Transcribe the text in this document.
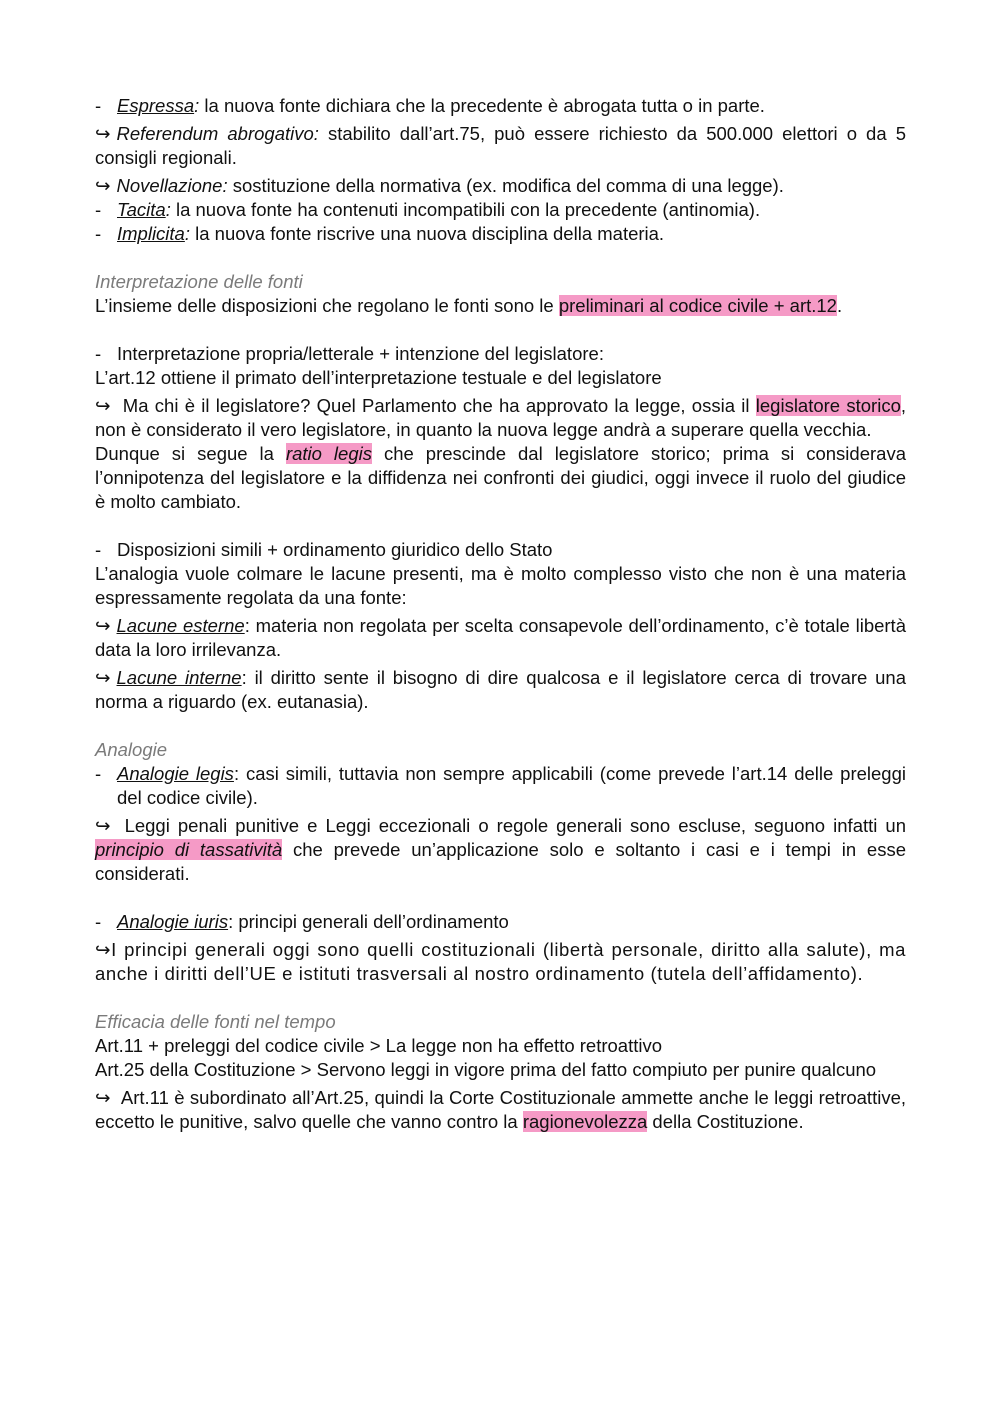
- Espressa: la nuova fonte dichiara che la precedente è abrogata tutta o in parte.

↪ Referendum abrogativo: stabilito dall’art.75, può essere richiesto da 500.000 elettori o da 5 consigli regionali.

↪ Novellazione: sostituzione della normativa (ex. modifica del comma di una legge).

- Tacita: la nuova fonte ha contenuti incompatibili con la precedente (antinomia).
- Implicita: la nuova fonte riscrive una nuova disciplina della materia.

Interpretazione delle fonti

L’insieme delle disposizioni che regolano le fonti sono le preliminari al codice civile + art.12.

- Interpretazione propria/letterale + intenzione del legislatore:

L’art.12 ottiene il primato dell’interpretazione testuale e del legislatore

↪ Ma chi è il legislatore? Quel Parlamento che ha approvato la legge, ossia il legislatore storico, non è considerato il vero legislatore, in quanto la nuova legge andrà a superare quella vecchia.

Dunque si segue la ratio legis che prescinde dal legislatore storico; prima si considerava l’onnipotenza del legislatore e la diffidenza nei confronti dei giudici, oggi invece il ruolo del giudice è molto cambiato.

- Disposizioni simili + ordinamento giuridico dello Stato

L’analogia vuole colmare le lacune presenti, ma è molto complesso visto che non è una materia espressamente regolata da una fonte:

↪ Lacune esterne: materia non regolata per scelta consapevole dell’ordinamento, c’è totale libertà data la loro irrilevanza.

↪ Lacune interne: il diritto sente il bisogno di dire qualcosa e il legislatore cerca di trovare una norma a riguardo (ex. eutanasia).

Analogie

- Analogie legis: casi simili, tuttavia non sempre applicabili (come prevede l’art.14 delle preleggi del codice civile).

↪ Leggi penali punitive e Leggi eccezionali o regole generali sono escluse, seguono infatti un principio di tassatività che prevede un’applicazione solo e soltanto i casi e i tempi in esse considerati.

- Analogie iuris: principi generali dell’ordinamento

↪I principi generali oggi sono quelli costituzionali (libertà personale, diritto alla salute), ma anche i diritti dell’UE e istituti trasversali al nostro ordinamento (tutela dell’affidamento).

Efficacia delle fonti nel tempo

Art.11 + preleggi del codice civile > La legge non ha effetto retroattivo

Art.25 della Costituzione > Servono leggi in vigore prima del fatto compiuto per punire qualcuno

↪ Art.11 è subordinato all’Art.25, quindi la Corte Costituzionale ammette anche le leggi retroattive, eccetto le punitive, salvo quelle che vanno contro la ragionevolezza della Costituzione.
